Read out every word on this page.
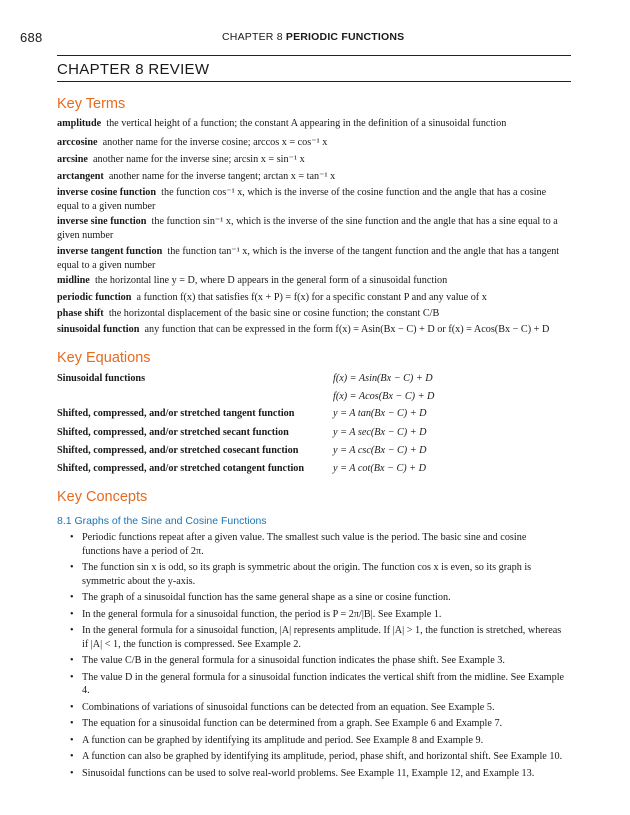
688	CHAPTER 8 PERIODIC FUNCTIONS
CHAPTER 8 REVIEW
Key Terms
amplitude the vertical height of a function; the constant A appearing in the definition of a sinusoidal function
arccosine another name for the inverse cosine; arccos x = cos⁻¹ x
arcsine another name for the inverse sine; arcsin x = sin⁻¹ x
arctangent another name for the inverse tangent; arctan x = tan⁻¹ x
inverse cosine function the function cos⁻¹ x, which is the inverse of the cosine function and the angle that has a cosine equal to a given number
inverse sine function the function sin⁻¹ x, which is the inverse of the sine function and the angle that has a sine equal to a given number
inverse tangent function the function tan⁻¹ x, which is the inverse of the tangent function and the angle that has a tangent equal to a given number
midline the horizontal line y = D, where D appears in the general form of a sinusoidal function
periodic function a function f(x) that satisfies f(x + P) = f(x) for a specific constant P and any value of x
phase shift the horizontal displacement of the basic sine or cosine function; the constant C/B
sinusoidal function any function that can be expressed in the form f(x) = Asin(Bx − C) + D or f(x) = Acos(Bx − C) + D
Key Equations
Sinusoidal functions	f(x) = Asin(Bx − C) + D
f(x) = Acos(Bx − C) + D
Shifted, compressed, and/or stretched tangent function	y = A tan(Bx − C) + D
Shifted, compressed, and/or stretched secant function	y = A sec(Bx − C) + D
Shifted, compressed, and/or stretched cosecant function	y = A csc(Bx − C) + D
Shifted, compressed, and/or stretched cotangent function	y = A cot(Bx − C) + D
Key Concepts
8.1 Graphs of the Sine and Cosine Functions
• Periodic functions repeat after a given value. The smallest such value is the period. The basic sine and cosine functions have a period of 2π.
• The function sin x is odd, so its graph is symmetric about the origin. The function cos x is even, so its graph is symmetric about the y-axis.
• The graph of a sinusoidal function has the same general shape as a sine or cosine function.
• In the general formula for a sinusoidal function, the period is P = 2π/|B|. See Example 1.
• In the general formula for a sinusoidal function, |A| represents amplitude. If |A| > 1, the function is stretched, whereas if |A| < 1, the function is compressed. See Example 2.
• The value C/B in the general formula for a sinusoidal function indicates the phase shift. See Example 3.
• The value D in the general formula for a sinusoidal function indicates the vertical shift from the midline. See Example 4.
• Combinations of variations of sinusoidal functions can be detected from an equation. See Example 5.
• The equation for a sinusoidal function can be determined from a graph. See Example 6 and Example 7.
• A function can be graphed by identifying its amplitude and period. See Example 8 and Example 9.
• A function can also be graphed by identifying its amplitude, period, phase shift, and horizontal shift. See Example 10.
• Sinusoidal functions can be used to solve real-world problems. See Example 11, Example 12, and Example 13.
